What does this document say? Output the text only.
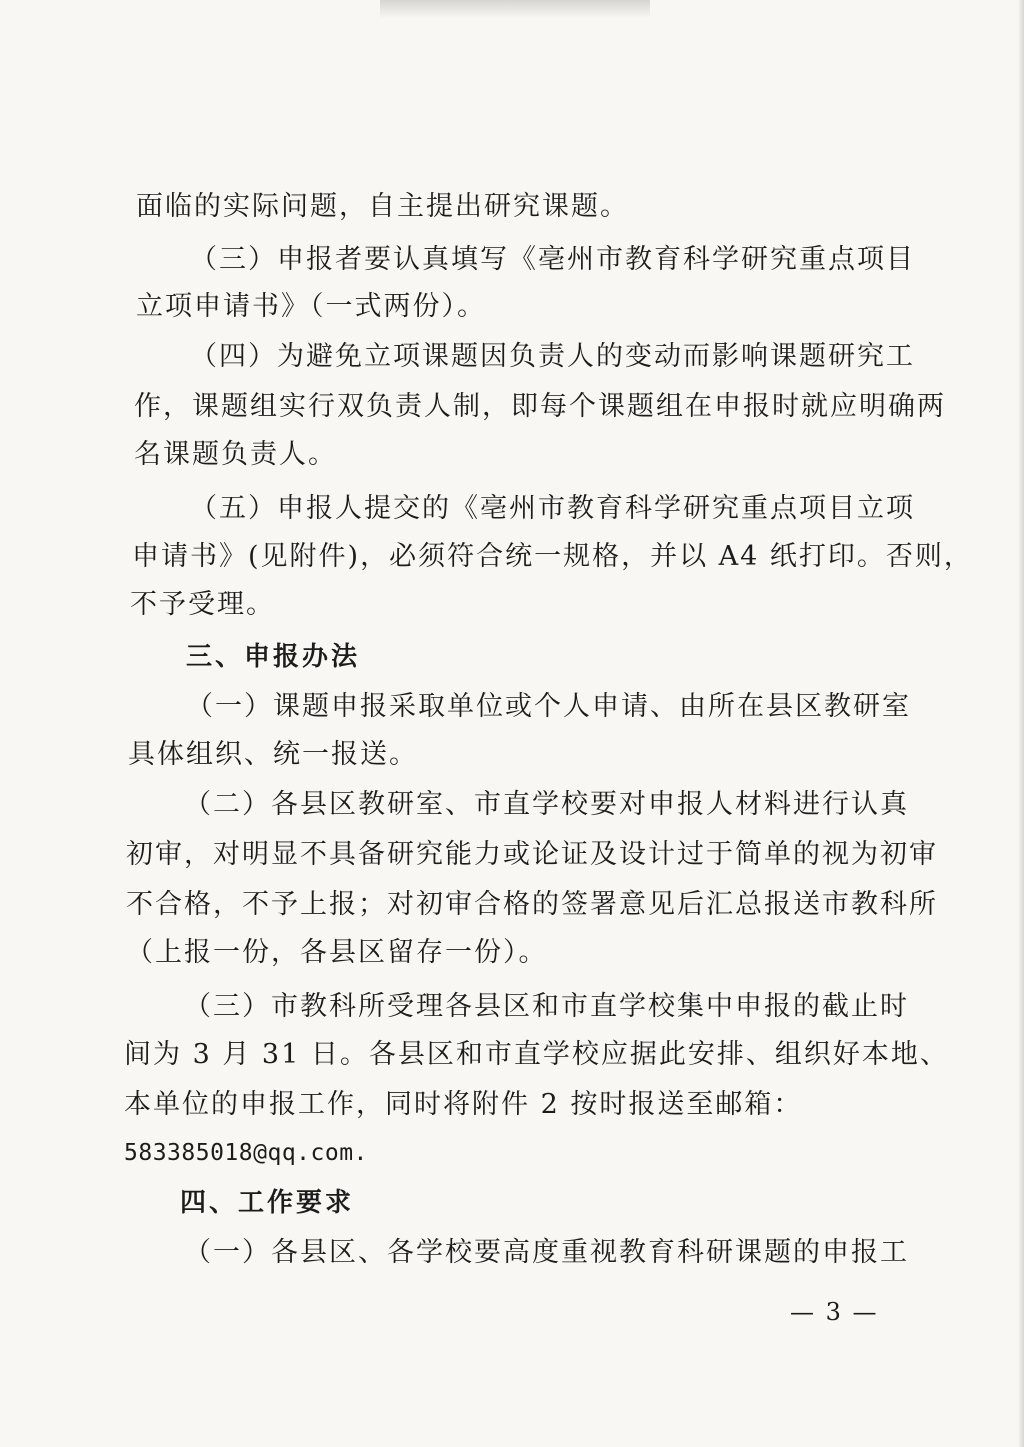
面临的实际问题，自主提出研究课题。
（三）申报者要认真填写《亳州市教育科学研究重点项目
立项申请书》（一式两份）。
（四）为避免立项课题因负责人的变动而影响课题研究工
作，课题组实行双负责人制，即每个课题组在申报时就应明确两
名课题负责人。
（五）申报人提交的《亳州市教育科学研究重点项目立项
申请书》(见附件)，必须符合统一规格，并以 A4 纸打印。否则，
不予受理。
三、申报办法
（一）课题申报采取单位或个人申请、由所在县区教研室
具体组织、统一报送。
（二）各县区教研室、市直学校要对申报人材料进行认真
初审，对明显不具备研究能力或论证及设计过于简单的视为初审
不合格，不予上报；对初审合格的签署意见后汇总报送市教科所
（上报一份，各县区留存一份）。
（三）市教科所受理各县区和市直学校集中申报的截止时
间为 3 月 31 日。各县区和市直学校应据此安排、组织好本地、
本单位的申报工作，同时将附件 2 按时报送至邮箱：
583385018@qq.com.
四、工作要求
（一）各县区、各学校要高度重视教育科研课题的申报工
— 3 —
